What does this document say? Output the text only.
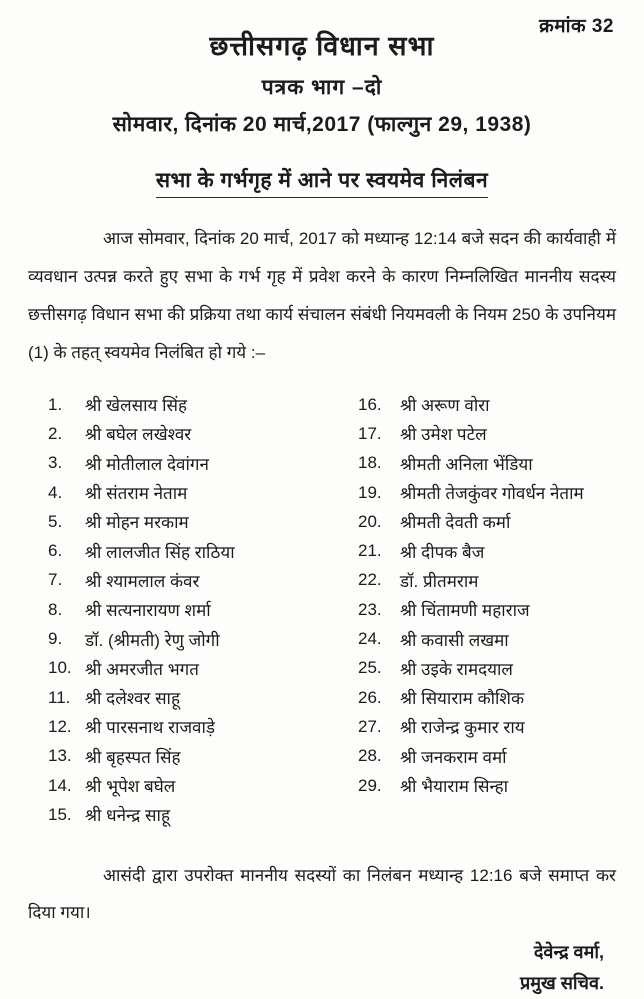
क्रमांक 32
छत्तीसगढ़ विधान सभा
पत्रक भाग –दो
सोमवार, दिनांक 20 मार्च,2017 (फाल्गुन 29, 1938)
सभा के गर्भगृह में आने पर स्वयमेव निलंबन
आज सोमवार, दिनांक 20 मार्च, 2017 को मध्यान्ह 12:14 बजे सदन की कार्यवाही में व्यवधान उत्पन्न करते हुए सभा के गर्भ गृह में प्रवेश करने के कारण निम्नलिखित माननीय सदस्य छत्तीसगढ़ विधान सभा की प्रक्रिया तथा कार्य संचालन संबंधी नियमवली के नियम 250 के उपनियम (1) के तहत् स्वयमेव निलंबित हो गये :–
1.	श्री खेलसाय सिंह
2.	श्री बघेल लखेश्वर
3.	श्री मोतीलाल देवांगन
4.	श्री संतराम नेताम
5.	श्री मोहन मरकाम
6.	श्री लालजीत सिंह राठिया
7.	श्री श्यामलाल कंवर
8.	श्री सत्यनारायण शर्मा
9.	डॉ. (श्रीमती) रेणु जोगी
10. श्री अमरजीत भगत
11. श्री दलेश्वर साहू
12. श्री पारसनाथ राजवाड़े
13. श्री बृहस्पत सिंह
14. श्री भूपेश बघेल
15. श्री धनेन्द्र साहू
16.	श्री अरूण वोरा
17.	श्री उमेश पटेल
18.	श्रीमती अनिला भेंडिया
19.	श्रीमती तेजकुंवर गोवर्धन नेताम
20.	श्रीमती देवती कर्मा
21.	श्री दीपक बैज
22.	डॉ. प्रीतमराम
23.	श्री चिंतामणी महाराज
24.	श्री कवासी लखमा
25.	श्री उइके रामदयाल
26.	श्री सियाराम कौशिक
27.	श्री राजेन्द्र कुमार राय
28.	श्री जनकराम वर्मा
29.	श्री भैयाराम सिन्हा
आसंदी द्वारा उपरोक्त माननीय सदस्यों का निलंबन मध्यान्ह 12:16 बजे समाप्त कर दिया गया।
देवेन्द्र वर्मा,
प्रमुख सचिव.
